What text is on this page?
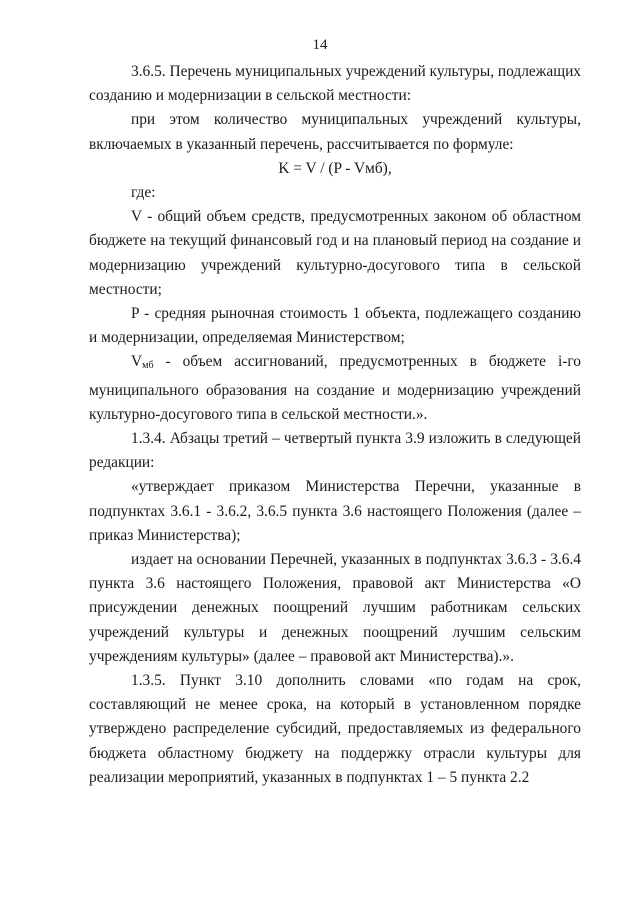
14

3.6.5. Перечень муниципальных учреждений культуры, подлежащих созданию и модернизации в сельской местности:

при этом количество муниципальных учреждений культуры, включаемых в указанный перечень, рассчитывается по формуле:

K = V / (P - Vмб),

где:

V - общий объем средств, предусмотренных законом об областном бюджете на текущий финансовый год и на плановый период на создание и модернизацию учреждений культурно-досугового типа в сельской местности;

P - средняя рыночная стоимость 1 объекта, подлежащего созданию и модернизации, определяемая Министерством;

$V_{мб}$ - объем ассигнований, предусмотренных в бюджете i-го муниципального образования на создание и модернизацию учреждений культурно-досугового типа в сельской местности.».

1.3.4. Абзацы третий – четвертый пункта 3.9 изложить в следующей редакции:

«утверждает приказом Министерства Перечни, указанные в подпунктах 3.6.1 - 3.6.2, 3.6.5 пункта 3.6 настоящего Положения (далее – приказ Министерства);

издает на основании Перечней, указанных в подпунктах 3.6.3 - 3.6.4 пункта 3.6 настоящего Положения, правовой акт Министерства «О присуждении денежных поощрений лучшим работникам сельских учреждений культуры и денежных поощрений лучшим сельским учреждениям культуры» (далее – правовой акт Министерства).».

1.3.5. Пункт 3.10 дополнить словами «по годам на срок, составляющий не менее срока, на который в установленном порядке утверждено распределение субсидий, предоставляемых из федерального бюджета областному бюджету на поддержку отрасли культуры для реализации мероприятий, указанных в подпунктах 1 – 5 пункта 2.2
